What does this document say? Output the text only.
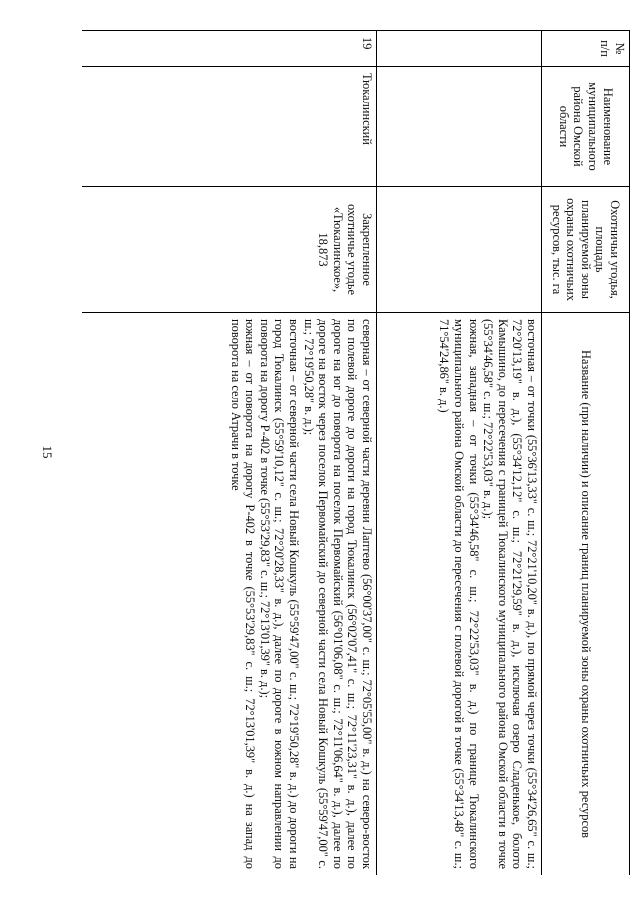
15
№ п/п	Наименование муниципального района Омской области	Охотничьи угодья, площадь планируемой зоны охраны охотничьих ресурсов, тыс. га	Название (при наличии) и описание границ планируемой зоны охраны охотничьих ресурсов

			восточная – от точки (55°36'13,33" с. ш.; 72°21'10,20" в. д.), по прямой через точки (55°34'26,65" с. ш.; 72°20'13,19" в. д.), (55°34'12,12" с. ш.; 72°21'29,59" в. д.), исключая озеро Сладенькое, болото Камышино, до пересечения с границей Тюкалинского муниципального района Омской области в точке (55°34'46,58" с. ш.; 72°22'53,03" в. д.);
южная, западная – от точки (55°34'46,58" с. ш.; 72°22'53,03" в. д.) по границе Тюкалинского муниципального района Омской области до пересечения с полевой дорогой в точке (55°34'13,48" с. ш.; 71°54'24,86" в. д.)

19	Тюкалинский	Закрепленное охотничье угодье «Тюкалинское», 18,873	северная – от северной части деревни Лаптево (56°00'37,00" с. ш.; 72°05'55,00" в. д.) на северо-восток по полевой дороге до дороги на город Тюкалинск (56°02'07,41" с. ш.; 72°11'23,31" в. д.), далее по дороге на юг до поворота на поселок Первомайский (56°01'06,08" с. ш.; 72°11'06,64" в. д.), далее по дороге на восток через поселок Первомайский до северной части села Новый Кошкуль (55°59'47,00" с. ш.; 72°19'50,28" в. д.);
восточная – от северной части села Новый Кошкуль (55°59'47,00" с. ш.; 72°19'50,28" в. д.) до дороги на город Тюкалинск (55°59'10,12" с. ш.; 72°20'28,33" в. д.), далее по дороге в южном направлении до поворота на дорогу Р-402 в точке (55°53'29,83" с. ш.; 72°13'01,39" в. д.);
южная – от поворота на дорогу Р-402 в точке (55°53'29,83" с. ш.; 72°13'01,39" в. д.) на запад до поворота на село Атрачи в точке
